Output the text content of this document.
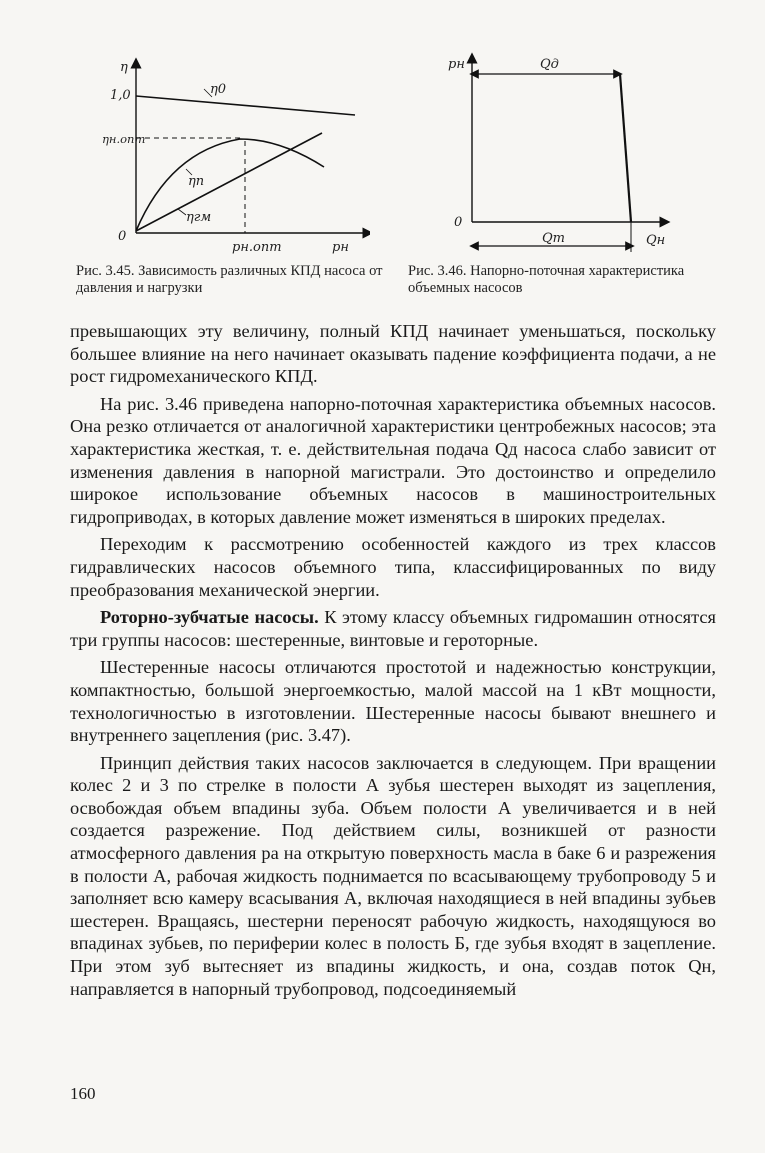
η
1,0
ηн.опт
0
η0
ηп
ηгм
pн.опт	pн
Рис. 3.45. Зависимость различных КПД насоса от давления и нагрузки
pн	Qд
0
Qт	Qн
Рис. 3.46. Напорно-поточная характеристика объемных насосов

превышающих эту величину, полный КПД начинает уменьшаться, поскольку большее влияние на него начинает оказывать падение коэффициента подачи, а не рост гидромеханического КПД.

На рис. 3.46 приведена напорно-поточная характеристика объемных насосов. Она резко отличается от аналогичной характеристики центробежных насосов; эта характеристика жесткая, т. е. действительная подача Qд насоса слабо зависит от изменения давления в напорной магистрали. Это достоинство и определило широкое использование объемных насосов в машиностроительных гидроприводах, в которых давление может изменяться в широких пределах.

Переходим к рассмотрению особенностей каждого из трех классов гидравлических насосов объемного типа, классифицированных по виду преобразования механической энергии.

Роторно-зубчатые насосы. К этому классу объемных гидромашин относятся три группы насосов: шестеренные, винтовые и героторные.

Шестеренные насосы отличаются простотой и надежностью конструкции, компактностью, большой энергоемкостью, малой массой на 1 кВт мощности, технологичностью в изготовлении. Шестеренные насосы бывают внешнего и внутреннего зацепления (рис. 3.47).

Принцип действия таких насосов заключается в следующем. При вращении колес 2 и 3 по стрелке в полости А зубья шестерен выходят из зацепления, освобождая объем впадины зуба. Объем полости А увеличивается и в ней создается разрежение. Под действием силы, возникшей от разности атмосферного давления pа на открытую поверхность масла в баке 6 и разрежения в полости А, рабочая жидкость поднимается по всасывающему трубопроводу 5 и заполняет всю камеру всасывания А, включая находящиеся в ней впадины зубьев шестерен. Вращаясь, шестерни переносят рабочую жидкость, находящуюся во впадинах зубьев, по периферии колес в полость Б, где зубья входят в зацепление. При этом зуб вытесняет из впадины жидкость, и она, создав поток Qн, направляется в напорный трубопровод, подсоединяемый

160
